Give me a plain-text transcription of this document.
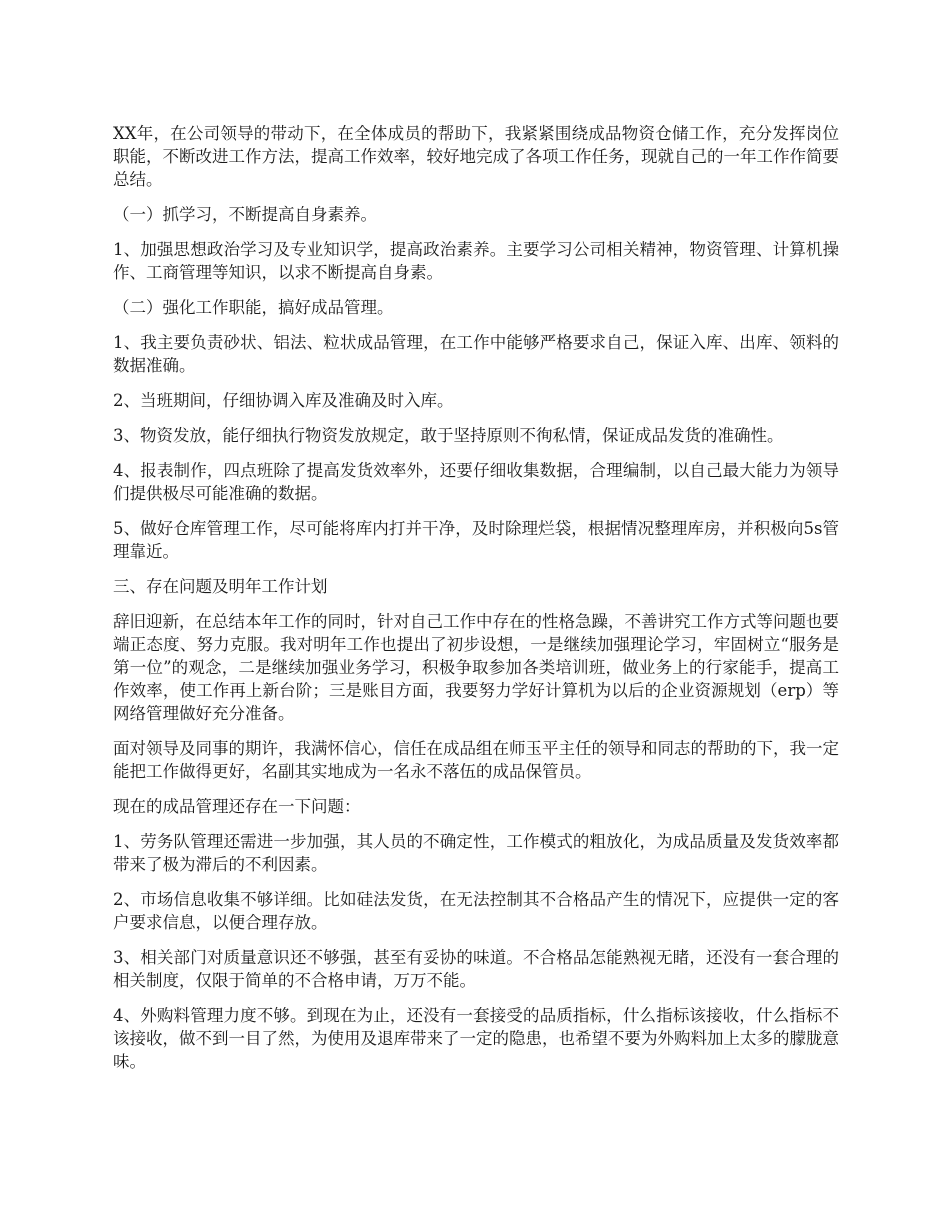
XX年，在公司领导的带动下，在全体成员的帮助下，我紧紧围绕成品物资仓储工作，充分发挥岗位职能，不断改进工作方法，提高工作效率，较好地完成了各项工作任务，现就自己的一年工作作简要总结。

（一）抓学习，不断提高自身素养。

1、加强思想政治学习及专业知识学，提高政治素养。主要学习公司相关精神，物资管理、计算机操作、工商管理等知识，以求不断提高自身素。

（二）强化工作职能，搞好成品管理。

1、我主要负责砂状、铝法、粒状成品管理，在工作中能够严格要求自己，保证入库、出库、领料的数据准确。

2、当班期间，仔细协调入库及准确及时入库。

3、物资发放，能仔细执行物资发放规定，敢于坚持原则不徇私情，保证成品发货的准确性。

4、报表制作，四点班除了提高发货效率外，还要仔细收集数据，合理编制，以自己最大能力为领导们提供极尽可能准确的数据。

5、做好仓库管理工作，尽可能将库内打并干净，及时除理烂袋，根据情况整理库房，并积极向5s管理靠近。

三、存在问题及明年工作计划

辞旧迎新，在总结本年工作的同时，针对自己工作中存在的性格急躁，不善讲究工作方式等问题也要端正态度、努力克服。我对明年工作也提出了初步设想，一是继续加强理论学习，牢固树立“服务是第一位”的观念，二是继续加强业务学习，积极争取参加各类培训班，做业务上的行家能手，提高工作效率，使工作再上新台阶；三是账目方面，我要努力学好计算机为以后的企业资源规划（erp）等网络管理做好充分准备。

面对领导及同事的期许，我满怀信心，信任在成品组在师玉平主任的领导和同志的帮助的下，我一定能把工作做得更好，名副其实地成为一名永不落伍的成品保管员。

现在的成品管理还存在一下问题：

1、劳务队管理还需进一步加强，其人员的不确定性，工作模式的粗放化，为成品质量及发货效率都带来了极为滞后的不利因素。

2、市场信息收集不够详细。比如硅法发货，在无法控制其不合格品产生的情况下，应提供一定的客户要求信息，以便合理存放。

3、相关部门对质量意识还不够强，甚至有妥协的味道。不合格品怎能熟视无睹，还没有一套合理的相关制度，仅限于简单的不合格申请，万万不能。

4、外购料管理力度不够。到现在为止，还没有一套接受的品质指标，什么指标该接收，什么指标不该接收，做不到一目了然，为使用及退库带来了一定的隐患，也希望不要为外购料加上太多的朦胧意味。
